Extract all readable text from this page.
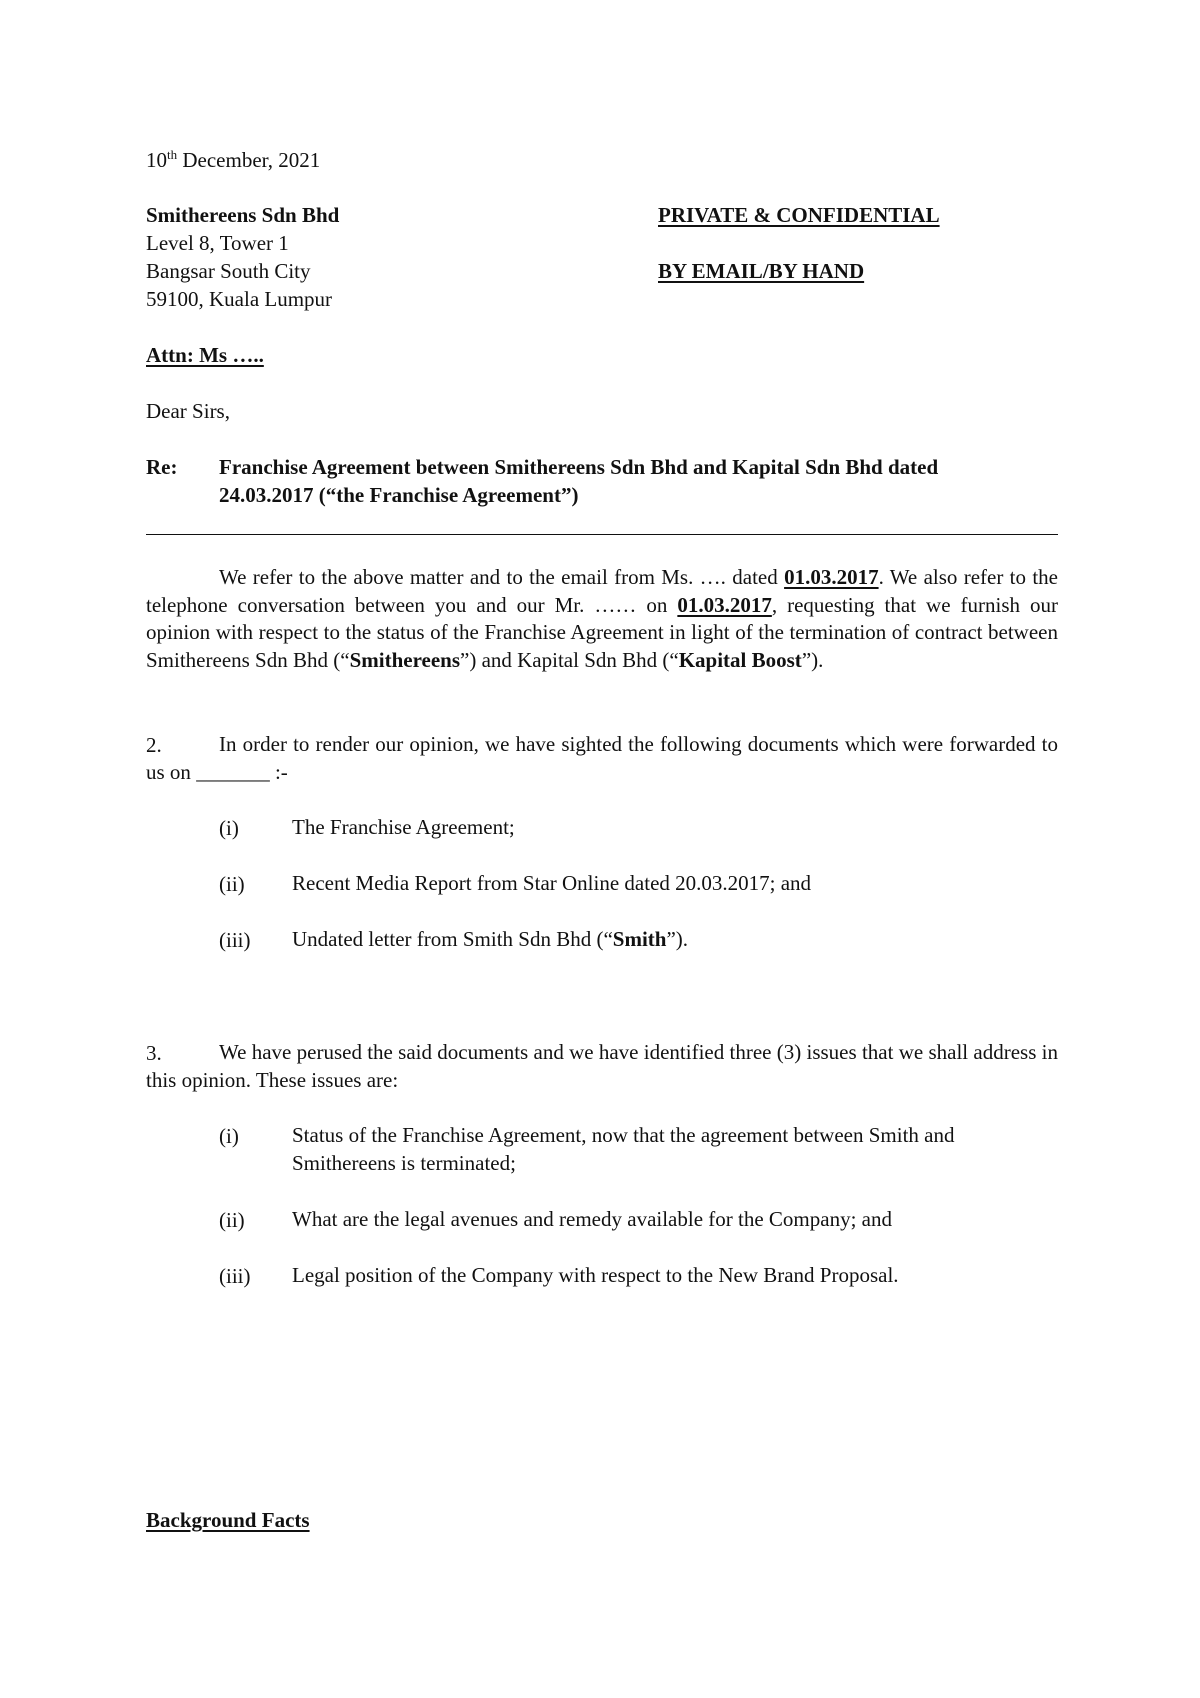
10th December, 2021
Smithereens Sdn Bhd
Level 8, Tower 1
Bangsar South City
59100, Kuala Lumpur
PRIVATE & CONFIDENTIAL
BY EMAIL/BY HAND
Attn: Ms …..
Dear Sirs,
Re: Franchise Agreement between Smithereens Sdn Bhd and Kapital Sdn Bhd dated
24.03.2017 (“the Franchise Agreement”)
We refer to the above matter and to the email from Ms. …. dated 01.03.2017. We also refer to the telephone conversation between you and our Mr. …… on 01.03.2017, requesting that we furnish our opinion with respect to the status of the Franchise Agreement in light of the termination of contract between Smithereens Sdn Bhd (“Smithereens”) and Kapital Sdn Bhd (“Kapital Boost”).
2.	In order to render our opinion, we have sighted the following documents which were forwarded to us on _______ :-
(i)	The Franchise Agreement;
(ii) Recent Media Report from Star Online dated 20.03.2017; and
(iii) Undated letter from Smith Sdn Bhd (“Smith”).
3.	We have perused the said documents and we have identified three (3) issues that we shall address in this opinion. These issues are:
(i)	Status of the Franchise Agreement, now that the agreement between Smith and Smithereens is terminated;
(ii) What are the legal avenues and remedy available for the Company; and
(iii) Legal position of the Company with respect to the New Brand Proposal.
Background Facts
